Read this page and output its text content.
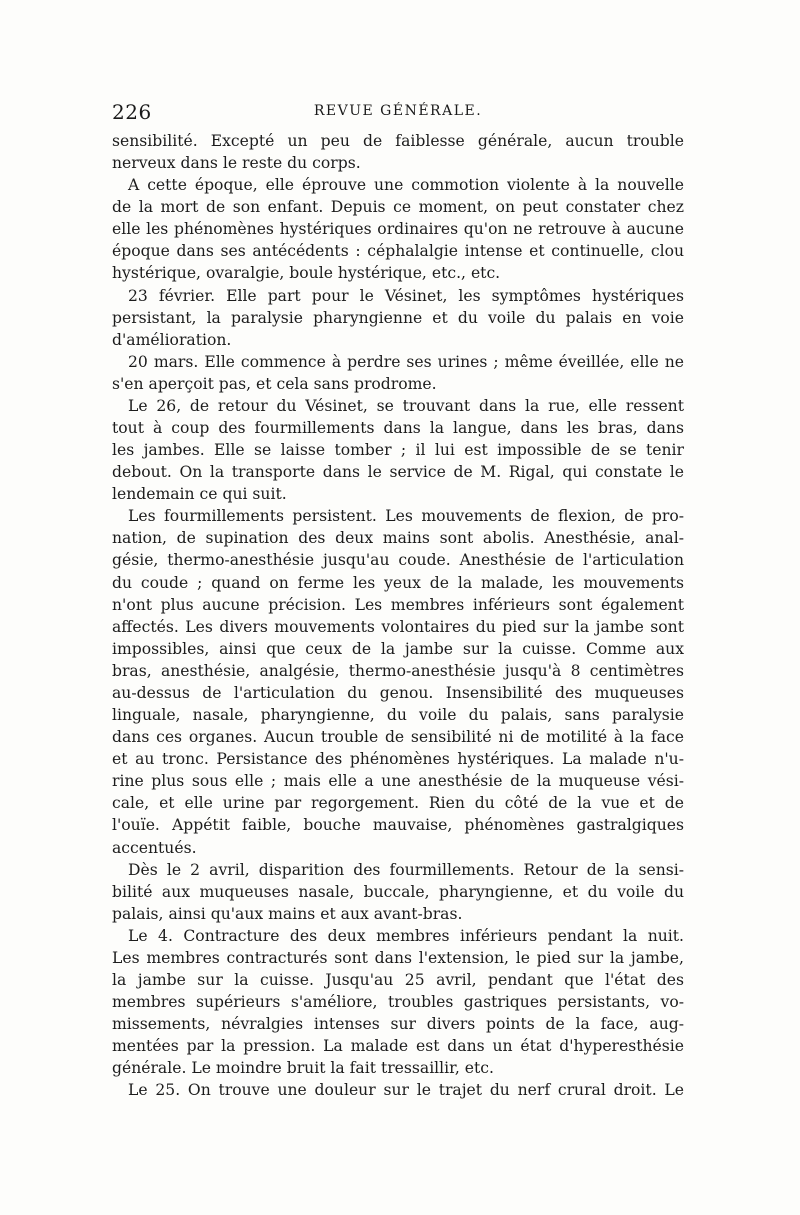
226	REVUE GÉNÉRALE.
sensibilité. Excepté un peu de faiblesse générale, aucun trouble
nerveux dans le reste du corps.
A cette époque, elle éprouve une commotion violente à la nouvelle
de la mort de son enfant. Depuis ce moment, on peut constater chez
elle les phénomènes hystériques ordinaires qu'on ne retrouve à aucune
époque dans ses antécédents : céphalalgie intense et continuelle, clou
hystérique, ovaralgie, boule hystérique, etc., etc.
23 février. Elle part pour le Vésinet, les symptômes hystériques
persistant, la paralysie pharyngienne et du voile du palais en voie
d'amélioration.
20 mars. Elle commence à perdre ses urines ; même éveillée, elle ne
s'en aperçoit pas, et cela sans prodrome.
Le 26, de retour du Vésinet, se trouvant dans la rue, elle ressent
tout à coup des fourmillements dans la langue, dans les bras, dans
les jambes. Elle se laisse tomber ; il lui est impossible de se tenir
debout. On la transporte dans le service de M. Rigal, qui constate le
lendemain ce qui suit.
Les fourmillements persistent. Les mouvements de flexion, de pro-
nation, de supination des deux mains sont abolis. Anesthésie, anal-
gésie, thermo-anesthésie jusqu'au coude. Anesthésie de l'articulation
du coude ; quand on ferme les yeux de la malade, les mouvements
n'ont plus aucune précision. Les membres inférieurs sont également
affectés. Les divers mouvements volontaires du pied sur la jambe sont
impossibles, ainsi que ceux de la jambe sur la cuisse. Comme aux
bras, anesthésie, analgésie, thermo-anesthésie jusqu'à 8 centimètres
au-dessus de l'articulation du genou. Insensibilité des muqueuses
linguale, nasale, pharyngienne, du voile du palais, sans paralysie
dans ces organes. Aucun trouble de sensibilité ni de motilité à la face
et au tronc. Persistance des phénomènes hystériques. La malade n'u-
rine plus sous elle ; mais elle a une anesthésie de la muqueuse vési-
cale, et elle urine par regorgement. Rien du côté de la vue et de
l'ouïe. Appétit faible, bouche mauvaise, phénomènes gastralgiques
accentués.
Dès le 2 avril, disparition des fourmillements. Retour de la sensi-
bilité aux muqueuses nasale, buccale, pharyngienne, et du voile du
palais, ainsi qu'aux mains et aux avant-bras.
Le 4. Contracture des deux membres inférieurs pendant la nuit.
Les membres contracturés sont dans l'extension, le pied sur la jambe,
la jambe sur la cuisse. Jusqu'au 25 avril, pendant que l'état des
membres supérieurs s'améliore, troubles gastriques persistants, vo-
missements, névralgies intenses sur divers points de la face, aug-
mentées par la pression. La malade est dans un état d'hyperesthésie
générale. Le moindre bruit la fait tressaillir, etc.
Le 25. On trouve une douleur sur le trajet du nerf crural droit. Le
